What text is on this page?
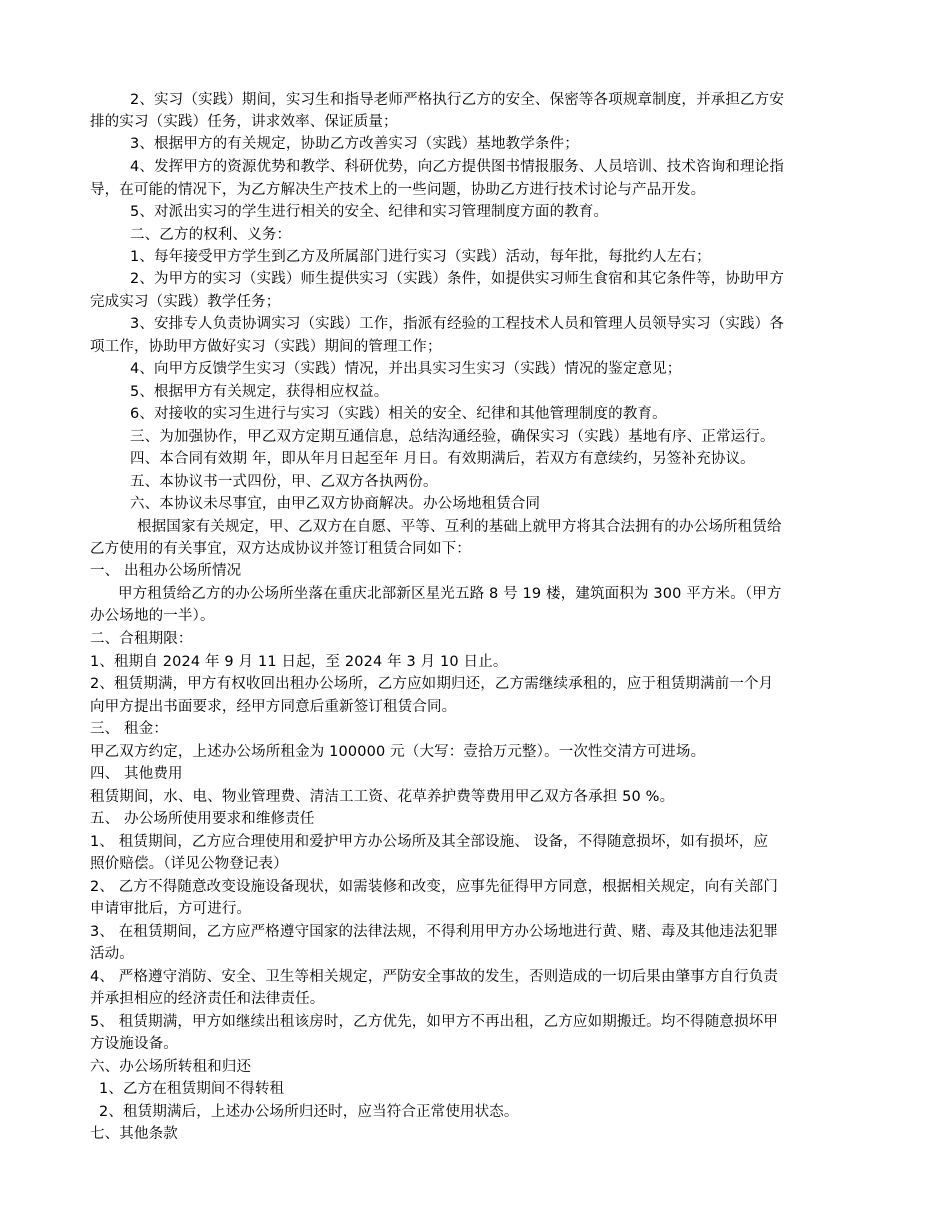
2、实习（实践）期间，实习生和指导老师严格执行乙方的安全、保密等各项规章制度，并承担乙方安
排的实习（实践）任务，讲求效率、保证质量；
3、根据甲方的有关规定，协助乙方改善实习（实践）基地教学条件；
4、发挥甲方的资源优势和教学、科研优势，向乙方提供图书情报服务、人员培训、技术咨询和理论指
导，在可能的情况下，为乙方解决生产技术上的一些问题，协助乙方进行技术讨论与产品开发。
5、对派出实习的学生进行相关的安全、纪律和实习管理制度方面的教育。
二、乙方的权利、义务：
1、每年接受甲方学生到乙方及所属部门进行实习（实践）活动，每年批，每批约人左右；
2、为甲方的实习（实践）师生提供实习（实践）条件，如提供实习师生食宿和其它条件等，协助甲方
完成实习（实践）教学任务；
3、安排专人负责协调实习（实践）工作，指派有经验的工程技术人员和管理人员领导实习（实践）各
项工作，协助甲方做好实习（实践）期间的管理工作；
4、向甲方反馈学生实习（实践）情况，并出具实习生实习（实践）情况的鉴定意见；
5、根据甲方有关规定，获得相应权益。
6、对接收的实习生进行与实习（实践）相关的安全、纪律和其他管理制度的教育。
三、为加强协作，甲乙双方定期互通信息，总结沟通经验，确保实习（实践）基地有序、正常运行。
四、本合同有效期 年，即从年月日起至年 月日。有效期满后，若双方有意续约，另签补充协议。
五、本协议书一式四份，甲、乙双方各执两份。
六、本协议未尽事宜，由甲乙双方协商解决。办公场地租赁合同
根据国家有关规定，甲、乙双方在自愿、平等、互利的基础上就甲方将其合法拥有的办公场所租赁给
乙方使用的有关事宜，双方达成协议并签订租赁合同如下：
一、 出租办公场所情况
甲方租赁给乙方的办公场所坐落在重庆北部新区星光五路 8 号 19 楼，建筑面积为 300 平方米。（甲方
办公场地的一半）。
二、合租期限：
1、租期自 2024 年 9 月 11 日起，至 2024 年 3 月 10 日止。
2、租赁期满，甲方有权收回出租办公场所，乙方应如期归还，乙方需继续承租的，应于租赁期满前一个月
向甲方提出书面要求，经甲方同意后重新签订租赁合同。
三、 租金：
甲乙双方约定，上述办公场所租金为 100000 元（大写：壹拾万元整）。一次性交清方可进场。
四、 其他费用
租赁期间，水、电、物业管理费、清洁工工资、花草养护费等费用甲乙双方各承担 50 %。
五、 办公场所使用要求和维修责任
1、 租赁期间，乙方应合理使用和爱护甲方办公场所及其全部设施、 设备，不得随意损坏，如有损坏，应
照价赔偿。（详见公物登记表）
2、 乙方不得随意改变设施设备现状，如需装修和改变，应事先征得甲方同意，根据相关规定，向有关部门
申请审批后，方可进行。
3、 在租赁期间，乙方应严格遵守国家的法律法规，不得利用甲方办公场地进行黄、赌、毒及其他违法犯罪
活动。
4、 严格遵守消防、安全、卫生等相关规定，严防安全事故的发生，否则造成的一切后果由肇事方自行负责
并承担相应的经济责任和法律责任。
5、 租赁期满，甲方如继续出租该房时，乙方优先，如甲方不再出租，乙方应如期搬迁。均不得随意损坏甲
方设施设备。
六、办公场所转租和归还
1、乙方在租赁期间不得转租
2、租赁期满后，上述办公场所归还时，应当符合正常使用状态。
七、其他条款
